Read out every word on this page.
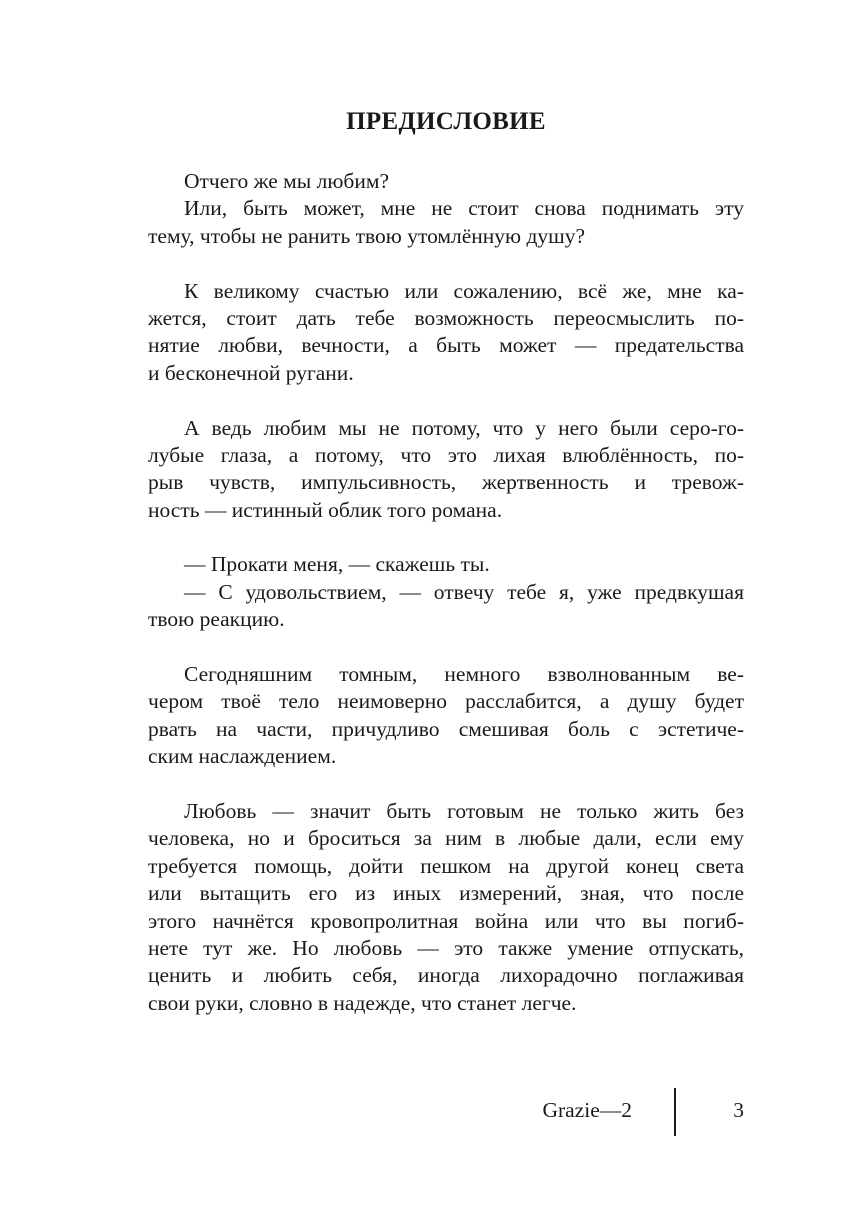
ПРЕДИСЛОВИЕ
Отчего же мы любим?
Или, быть может, мне не стоит снова поднимать эту
тему, чтобы не ранить твою утомлённую душу?
К великому счастью или сожалению, всё же, мне ка-
жется, стоит дать тебе возможность переосмыслить по-
нятие любви, вечности, а быть может — предательства
и бесконечной ругани.
А ведь любим мы не потому, что у него были серо-го-
лубые глаза, а потому, что это лихая влюблённость, по-
рыв чувств, импульсивность, жертвенность и тревож-
ность — истинный облик того романа.
— Прокати меня, — скажешь ты.
— С удовольствием, — отвечу тебе я, уже предвкушая
твою реакцию.
Сегодняшним томным, немного взволнованным ве-
чером твоё тело неимоверно расслабится, а душу будет
рвать на части, причудливо смешивая боль с эстетиче-
ским наслаждением.
Любовь — значит быть готовым не только жить без
человека, но и броситься за ним в любые дали, если ему
требуется помощь, дойти пешком на другой конец света
или вытащить его из иных измерений, зная, что после
этого начнётся кровопролитная война или что вы погиб-
нете тут же. Но любовь — это также умение отпускать,
ценить и любить себя, иногда лихорадочно поглаживая
свои руки, словно в надежде, что станет легче.
Grazie—2	3
